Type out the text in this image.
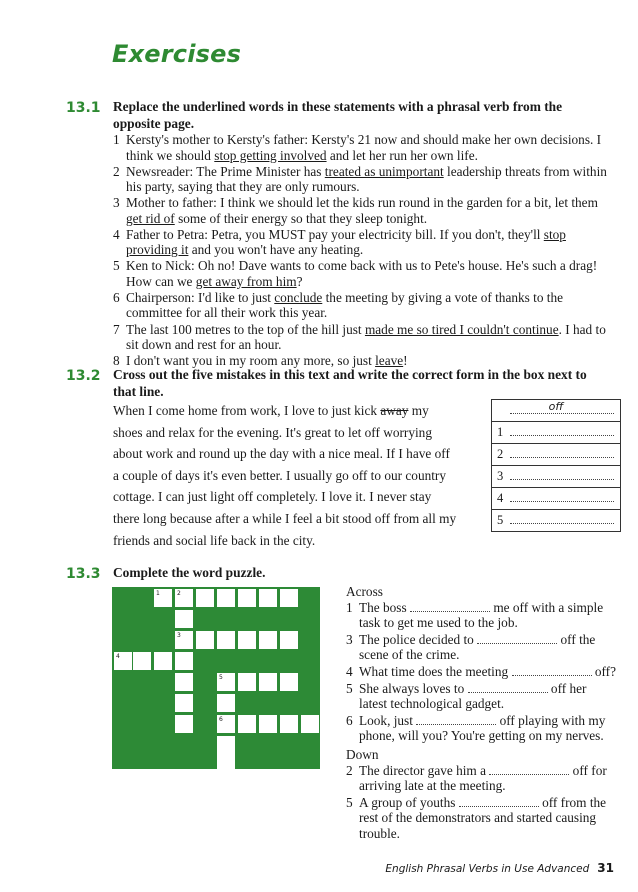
Exercises
13.1 Replace the underlined words in these statements with a phrasal verb from the opposite page.
1 Kersty's mother to Kersty's father: Kersty's 21 now and should make her own decisions. I think we should stop getting involved and let her run her own life.
2 Newsreader: The Prime Minister has treated as unimportant leadership threats from within his party, saying that they are only rumours.
3 Mother to father: I think we should let the kids run round in the garden for a bit, let them get rid of some of their energy so that they sleep tonight.
4 Father to Petra: Petra, you MUST pay your electricity bill. If you don't, they'll stop providing it and you won't have any heating.
5 Ken to Nick: Oh no! Dave wants to come back with us to Pete's house. He's such a drag! How can we get away from him?
6 Chairperson: I'd like to just conclude the meeting by giving a vote of thanks to the committee for all their work this year.
7 The last 100 metres to the top of the hill just made me so tired I couldn't continue. I had to sit down and rest for an hour.
8 I don't want you in my room any more, so just leave!
13.2 Cross out the five mistakes in this text and write the correct form in the box next to that line.
When I come home from work, I love to just kick away my shoes and relax for the evening. It's great to let off worrying about work and round up the day with a nice meal. If I have off a couple of days it's even better. I usually go off to our country cottage. I can just light off completely. I love it. I never stay there long because after a while I feel a bit stood off from all my friends and social life back in the city.
off
1
2
3
4
5
13.3 Complete the word puzzle.
1	2
3
4
5
6
Across
1 The boss	me off with a simple task to get me used to the job.
3 The police decided to	off the scene of the crime.
4 What time does the meeting	off?
5 She always loves to	off her latest technological gadget.
6 Look, just	off playing with my phone, will you? You're getting on my nerves.
Down
2 The director gave him a	off for arriving late at the meeting.
5 A group of youths	off from the rest of the demonstrators and started causing trouble.
English Phrasal Verbs in Use Advanced 31
